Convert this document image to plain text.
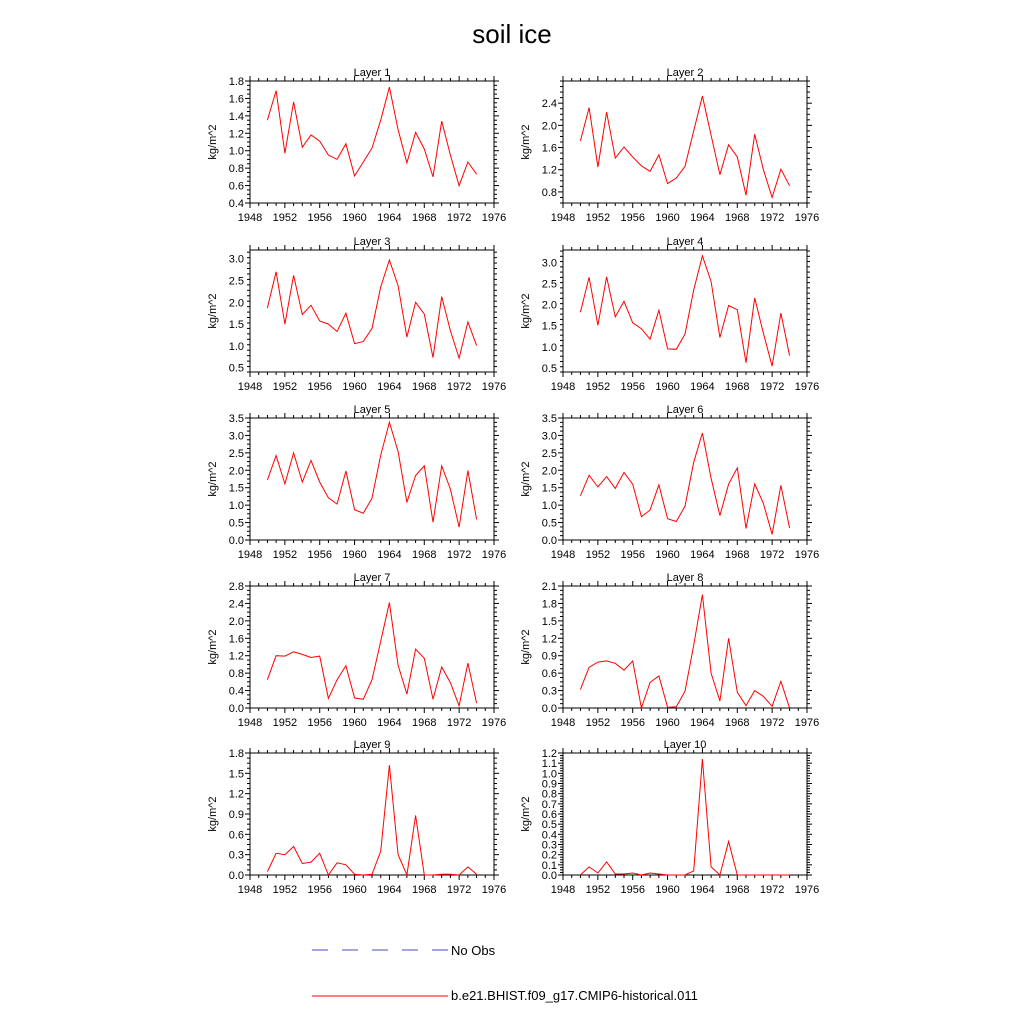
soil ice
Layer 1
1948 1952 1956 1960 1964 1968 1972 1976
0.4
0.6
0.8
1.0
1.2
1.4
1.6
1.8
kg/m^2
Layer 2
1948 1952 1956 1960 1964 1968 1972 1976
0.8
1.2
1.6
2.0
2.4
kg/m^2
Layer 3
1948 1952 1956 1960 1964 1968 1972 1976
0.5
1.0
1.5
2.0
2.5
3.0
kg/m^2
Layer 4
1948 1952 1956 1960 1964 1968 1972 1976
0.5
1.0
1.5
2.0
2.5
3.0
kg/m^2
Layer 5
1948 1952 1956 1960 1964 1968 1972 1976
0.0
0.5
1.0
1.5
2.0
2.5
3.0
3.5
kg/m^2
Layer 6
1948 1952 1956 1960 1964 1968 1972 1976
0.0
0.5
1.0
1.5
2.0
2.5
3.0
3.5
kg/m^2
Layer 7
1948 1952 1956 1960 1964 1968 1972 1976
0.0
0.4
0.8
1.2
1.6
2.0
2.4
2.8
kg/m^2
Layer 8
1948 1952 1956 1960 1964 1968 1972 1976
0.0
0.3
0.6
0.9
1.2
1.5
1.8
2.1
kg/m^2
Layer 9
1948 1952 1956 1960 1964 1968 1972 1976
0.0
0.3
0.6
0.9
1.2
1.5
1.8
kg/m^2
Layer 10
1948 1952 1956 1960 1964 1968 1972 1976
0.0
0.1
0.2
0.3
0.4
0.5
0.6
0.7
0.8
0.9
1.0
1.1
1.2
kg/m^2
No Obs
b.e21.BHIST.f09_g17.CMIP6-historical.011
